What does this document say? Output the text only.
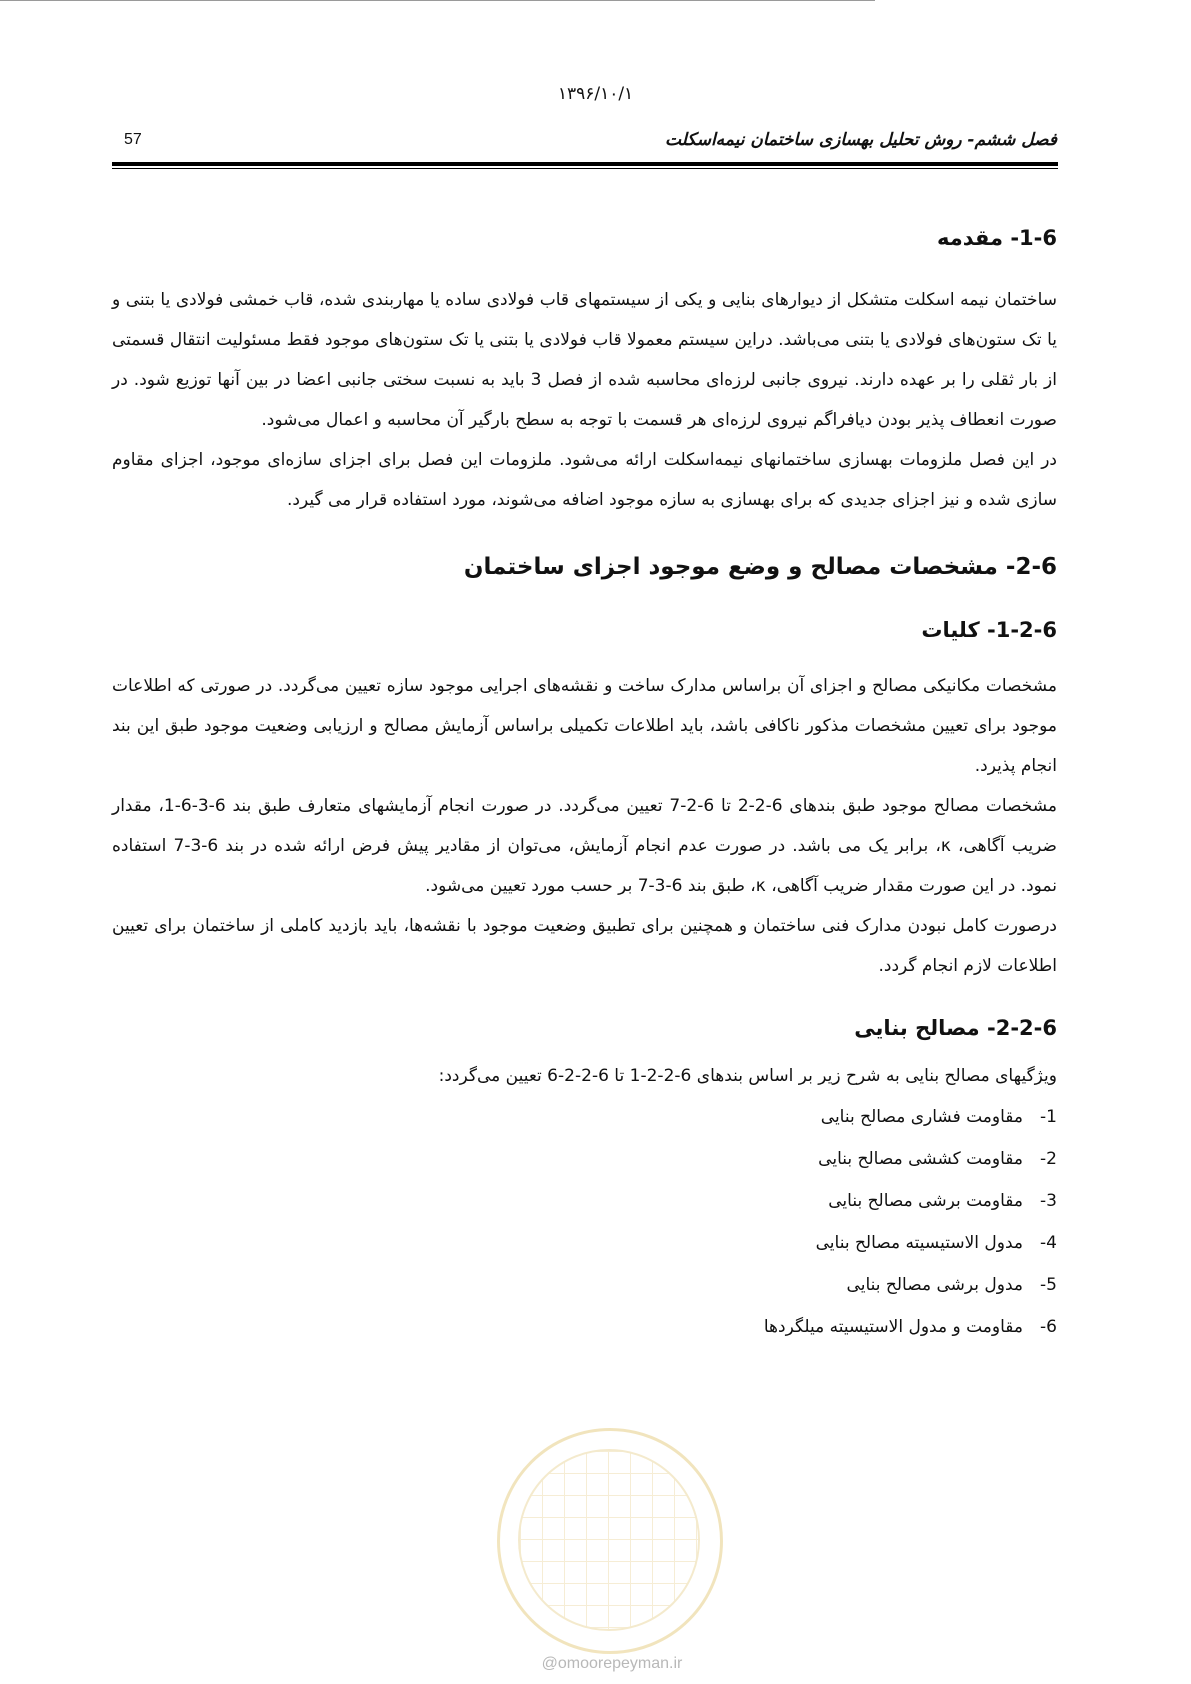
۱۳۹۶/۱۰/۱
57	فصل ششم- روش تحلیل بهسازی ساختمان نیمه‌اسکلت
1-6- مقدمه

ساختمان نیمه اسکلت متشکل از دیوارهای بنایی و یکی از سیستمهای قاب فولادی ساده یا مهاربندی شده، قاب خمشی فولادی یا بتنی و یا تک ستون‌های فولادی یا بتنی می‌باشد. دراین سیستم معمولا قاب فولادی یا بتنی یا تک ستون‌های موجود فقط مسئولیت انتقال قسمتی از بار ثقلی را بر عهده دارند. نیروی جانبی لرزه‌ای محاسبه شده از فصل 3 باید به نسبت سختی جانبی اعضا در بین آنها توزیع شود. در صورت انعطاف پذیر بودن دیافراگم نیروی لرزه‌ای هر قسمت با توجه به سطح بارگیر آن محاسبه و اعمال می‌شود.

در این فصل ملزومات بهسازی ساختمانهای نیمه‌اسکلت ارائه می‌شود. ملزومات این فصل برای اجزای سازه‌ای موجود، اجزای مقاوم سازی شده و نیز اجزای جدیدی که برای بهسازی به سازه موجود اضافه می‌شوند، مورد استفاده قرار می گیرد.

2-6- مشخصات مصالح و وضع موجود اجزای ساختمان
1-2-6- کلیات

مشخصات مکانیکی مصالح و اجزای آن براساس مدارک ساخت و نقشه‌های اجرایی موجود سازه تعیین می‌گردد. در صورتی که اطلاعات موجود برای تعیین مشخصات مذکور ناکافی باشد، باید اطلاعات تکمیلی براساس آزمایش مصالح و ارزیابی وضعیت موجود طبق این بند انجام پذیرد.

مشخصات مصالح موجود طبق بندهای 6-2-2 تا 6-2-7 تعیین می‌گردد. در صورت انجام آزمایشهای متعارف طبق بند 6-3-6-1، مقدار ضریب آگاهی، κ، برابر یک می باشد. در صورت عدم انجام آزمایش، می‌توان از مقادیر پیش فرض ارائه شده در بند 6-3-7 استفاده نمود. در این صورت مقدار ضریب آگاهی، κ، طبق بند 6-3-7 بر حسب مورد تعیین می‌شود.

درصورت کامل نبودن مدارک فنی ساختمان و همچنین برای تطبیق وضعیت موجود با نقشه‌ها، باید بازدید کاملی از ساختمان برای تعیین اطلاعات لازم انجام گردد.

2-2-6- مصالح بنایی

ویژگیهای مصالح بنایی به شرح زیر بر اساس بندهای 6-2-2-1 تا 6-2-2-6 تعیین می‌گردد:

1-مقاومت فشاری مصالح بنایی
2-مقاومت کششی مصالح بنایی
3-مقاومت برشی مصالح بنایی
4-مدول الاستیسیته مصالح بنایی
5-مدول برشی مصالح بنایی
6-مقاومت و مدول الاستیسیته میلگردها
@omoorepeyman.ir
